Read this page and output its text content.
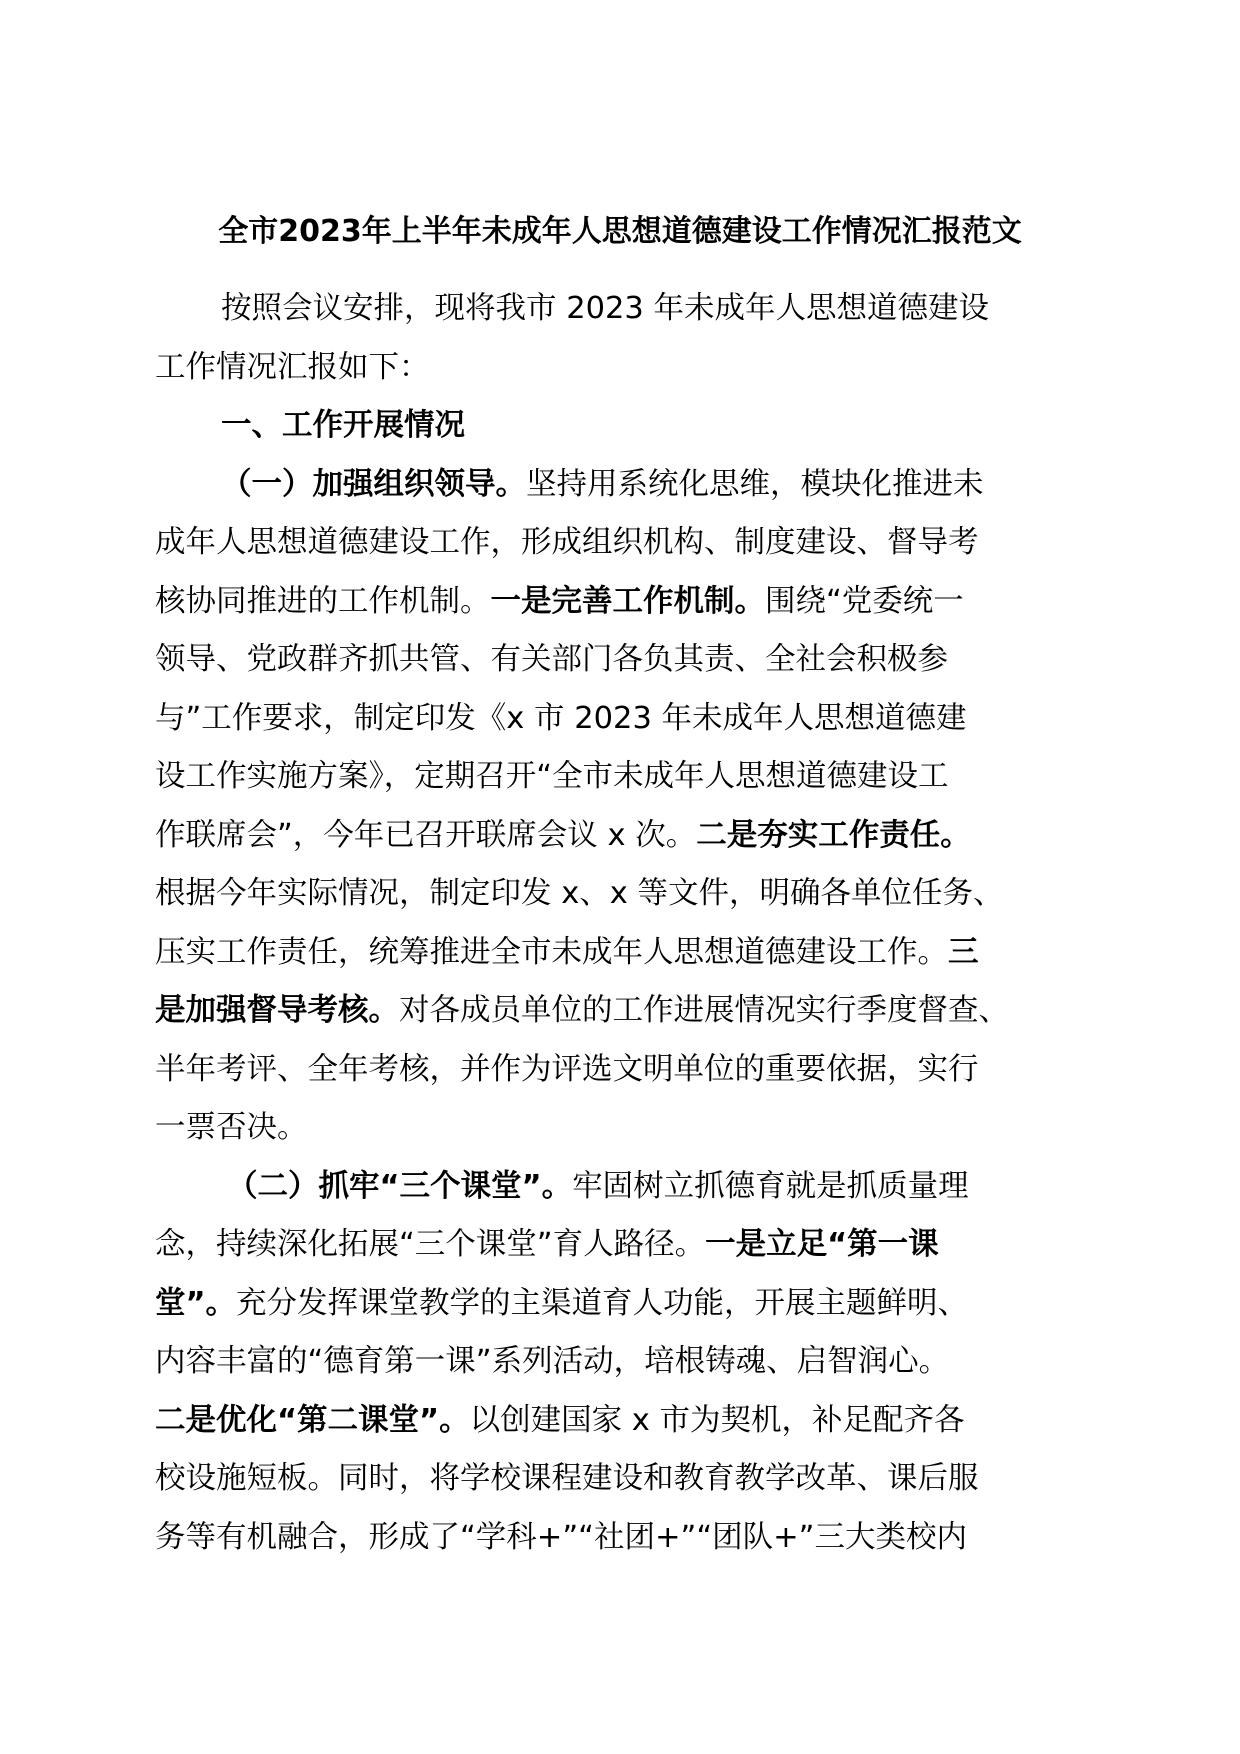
全市2023年上半年未成年人思想道德建设工作情况汇报范文
按照会议安排，现将我市 2023 年未成年人思想道德建设
工作情况汇报如下：
一、工作开展情况
（一）加强组织领导。坚持用系统化思维，模块化推进未
成年人思想道德建设工作，形成组织机构、制度建设、督导考
核协同推进的工作机制。一是完善工作机制。围绕“党委统一
领导、党政群齐抓共管、有关部门各负其责、全社会积极参
与”工作要求，制定印发《x 市 2023 年未成年人思想道德建
设工作实施方案》，定期召开“全市未成年人思想道德建设工
作联席会”，今年已召开联席会议 x 次。二是夯实工作责任。
根据今年实际情况，制定印发 x、x 等文件，明确各单位任务、
压实工作责任，统筹推进全市未成年人思想道德建设工作。三
是加强督导考核。对各成员单位的工作进展情况实行季度督查、
半年考评、全年考核，并作为评选文明单位的重要依据，实行
一票否决。
（二）抓牢“三个课堂”。牢固树立抓德育就是抓质量理
念，持续深化拓展“三个课堂”育人路径。一是立足“第一课
堂”。充分发挥课堂教学的主渠道育人功能，开展主题鲜明、
内容丰富的“德育第一课”系列活动，培根铸魂、启智润心。
二是优化“第二课堂”。以创建国家 x 市为契机，补足配齐各
校设施短板。同时，将学校课程建设和教育教学改革、课后服
务等有机融合，形成了“学科+”“社团+”“团队+”三大类校内
